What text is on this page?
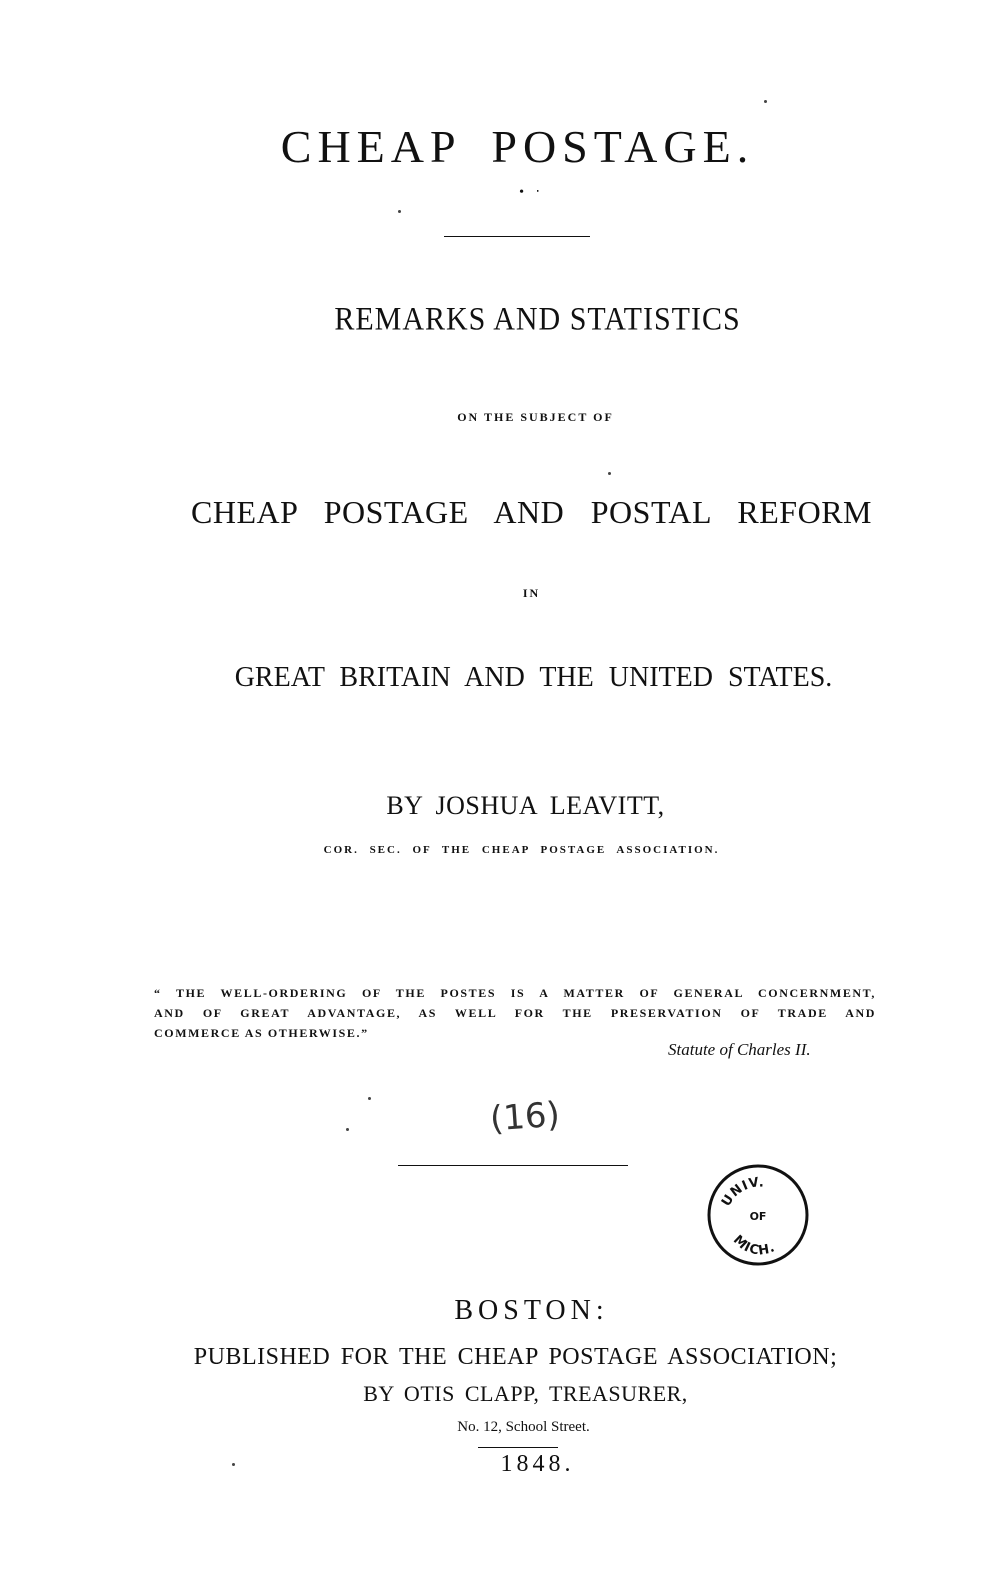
CHEAP POSTAGE.
• ‧
REMARKS AND STATISTICS
ON THE SUBJECT OF
CHEAP POSTAGE AND POSTAL REFORM
IN
GREAT BRITAIN AND THE UNITED STATES.
BY JOSHUA LEAVITT,
COR. SEC. OF THE CHEAP POSTAGE ASSOCIATION.
“ THE WELL-ORDERING OF THE POSTES IS A MATTER OF GENERAL CONCERNMENT,
AND OF GREAT ADVANTAGE, AS WELL FOR THE PRESERVATION OF TRADE AND
COMMERCE AS OTHERWISE.”
Statute of Charles II.
(16)
UNIV.
OF
MICH.
BOSTON:
PUBLISHED FOR THE CHEAP POSTAGE ASSOCIATION;
BY OTIS CLAPP, TREASURER,
No. 12, School Street.
1848.
